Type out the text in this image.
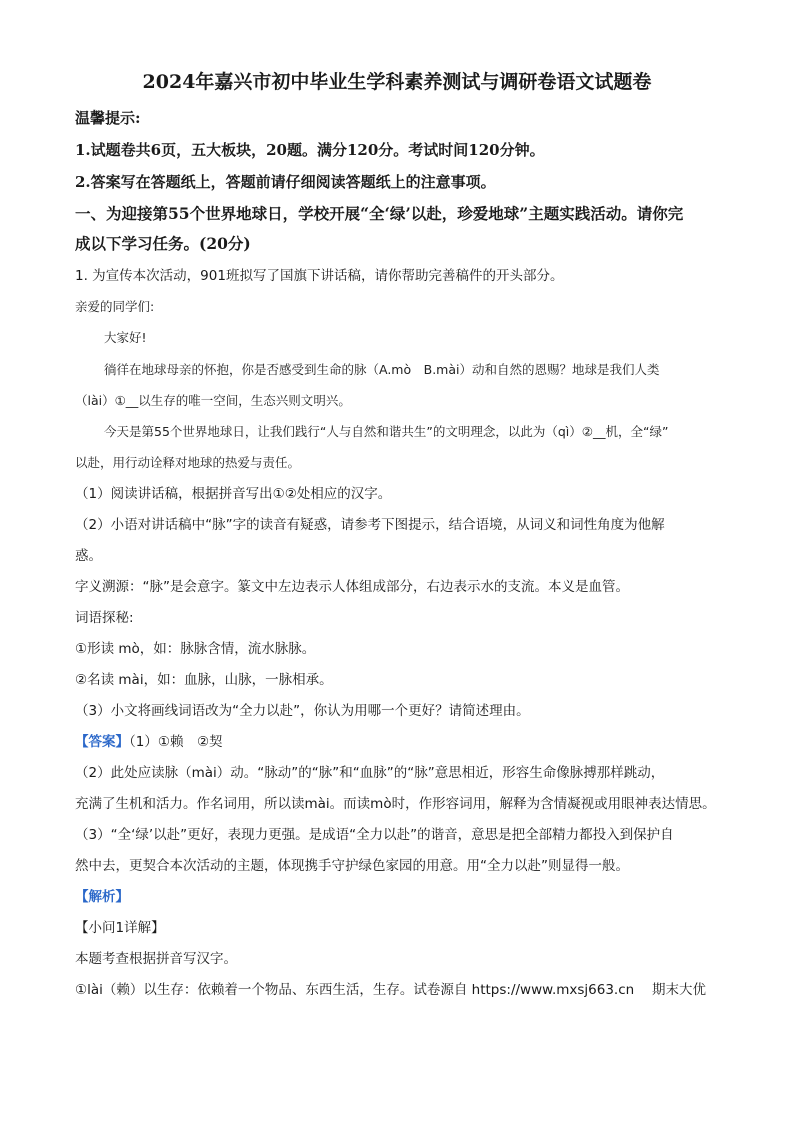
2024年嘉兴市初中毕业生学科素养测试与调研卷语文试题卷
温馨提示:
1.试题卷共6页，五大板块，20题。满分120分。考试时间120分钟。
2.答案写在答题纸上，答题前请仔细阅读答题纸上的注意事项。
一、为迎接第55个世界地球日，学校开展“全‘绿’以赴，珍爱地球”主题实践活动。请你完
成以下学习任务。(20分)
1. 为宣传本次活动，901班拟写了国旗下讲话稿，请你帮助完善稿件的开头部分。
亲爱的同学们:
大家好!
徜徉在地球母亲的怀抱，你是否感受到生命的脉（A.mò　B.mài）动和自然的恩赐？地球是我们人类
（lài）①__以生存的唯一空间，生态兴则文明兴。
今天是第55个世界地球日，让我们践行“人与自然和谐共生”的文明理念，以此为（qì）②__机，全“绿”
以赴，用行动诠释对地球的热爱与责任。
（1）阅读讲话稿，根据拼音写出①②处相应的汉字。
（2）小语对讲话稿中“脉”字的读音有疑惑，请参考下图提示，结合语境，从词义和词性角度为他解
惑。
字义溯源：“脉”是会意字。篆文中左边表示人体组成部分，右边表示水的支流。本义是血管。
词语探秘:
①形读 mò，如：脉脉含情，流水脉脉。
②名读 mài，如：血脉，山脉，一脉相承。
（3）小文将画线词语改为“全力以赴”，你认为用哪一个更好？请简述理由。
【答案】（1）①赖　②契
（2）此处应读脉（mài）动。“脉动”的“脉”和“血脉”的“脉”意思相近，形容生命像脉搏那样跳动，
充满了生机和活力。作名词用，所以读mài。而读mò时，作形容词用，解释为含情凝视或用眼神表达情思。
（3）“全‘绿’以赴”更好，表现力更强。是成语“全力以赴”的谐音，意思是把全部精力都投入到保护自
然中去，更契合本次活动的主题，体现携手守护绿色家园的用意。用“全力以赴”则显得一般。
【解析】
【小问1详解】
本题考查根据拼音写汉字。
①lài（赖）以生存：依赖着一个物品、东西生活，生存。试卷源自 https://www.mxsj663.cn　 期末大优
